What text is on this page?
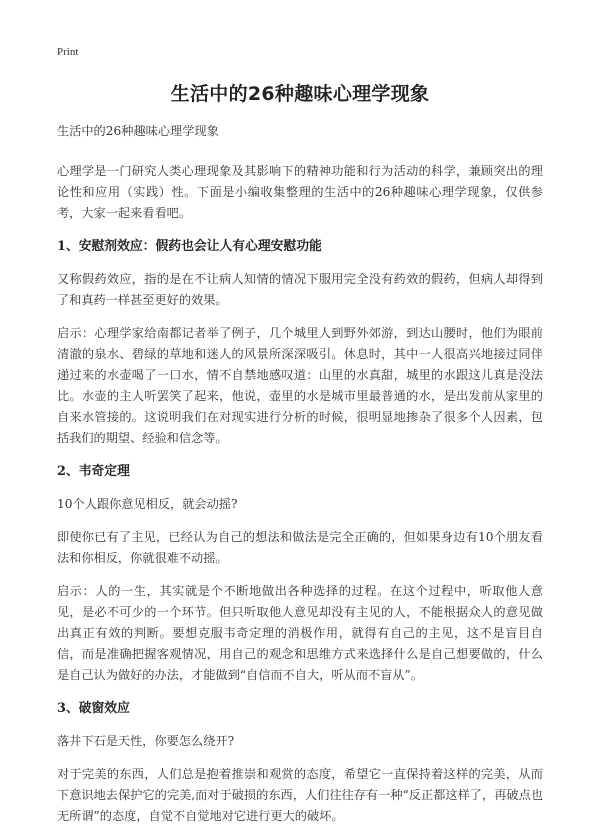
Print
生活中的26种趣味心理学现象

生活中的26种趣味心理学现象

心理学是一门研究人类心理现象及其影响下的精神功能和行为活动的科学，兼顾突出的理论性和应用（实践）性。下面是小编收集整理的生活中的26种趣味心理学现象，仅供参考，大家一起来看看吧。

1、安慰剂效应：假药也会让人有心理安慰功能

又称假药效应，指的是在不让病人知情的情况下服用完全没有药效的假药，但病人却得到了和真药一样甚至更好的效果。

启示：心理学家给南都记者举了例子，几个城里人到野外郊游，到达山腰时，他们为眼前清澈的泉水、碧绿的草地和迷人的风景所深深吸引。休息时，其中一人很高兴地接过同伴递过来的水壶喝了一口水，情不自禁地感叹道：山里的水真甜，城里的水跟这儿真是没法比。水壶的主人听罢笑了起来，他说，壶里的水是城市里最普通的水，是出发前从家里的自来水管接的。这说明我们在对现实进行分析的时候，很明显地掺杂了很多个人因素，包括我们的期望、经验和信念等。

2、韦奇定理

10个人跟你意见相反，就会动摇?

即使你已有了主见，已经认为自己的想法和做法是完全正确的，但如果身边有10个朋友看法和你相反，你就很难不动摇。

启示：人的一生，其实就是个不断地做出各种选择的过程。在这个过程中，听取他人意见，是必不可少的一个环节。但只听取他人意见却没有主见的人，不能根据众人的意见做出真正有效的判断。要想克服韦奇定理的消极作用，就得有自己的主见，这不是盲目自信，而是准确把握客观情况，用自己的观念和思维方式来选择什么是自己想要做的，什么是自己认为做好的办法，才能做到“自信而不自大，听从而不盲从”。

3、破窗效应

落井下石是天性，你要怎么绕开?

对于完美的东西，人们总是抱着推崇和观赏的态度，希望它一直保持着这样的完美，从而下意识地去保护它的完美,而对于破损的东西，人们往往存有一种“反正都这样了，再破点也无所谓”的态度，自觉不自觉地对它进行更大的破坏。
